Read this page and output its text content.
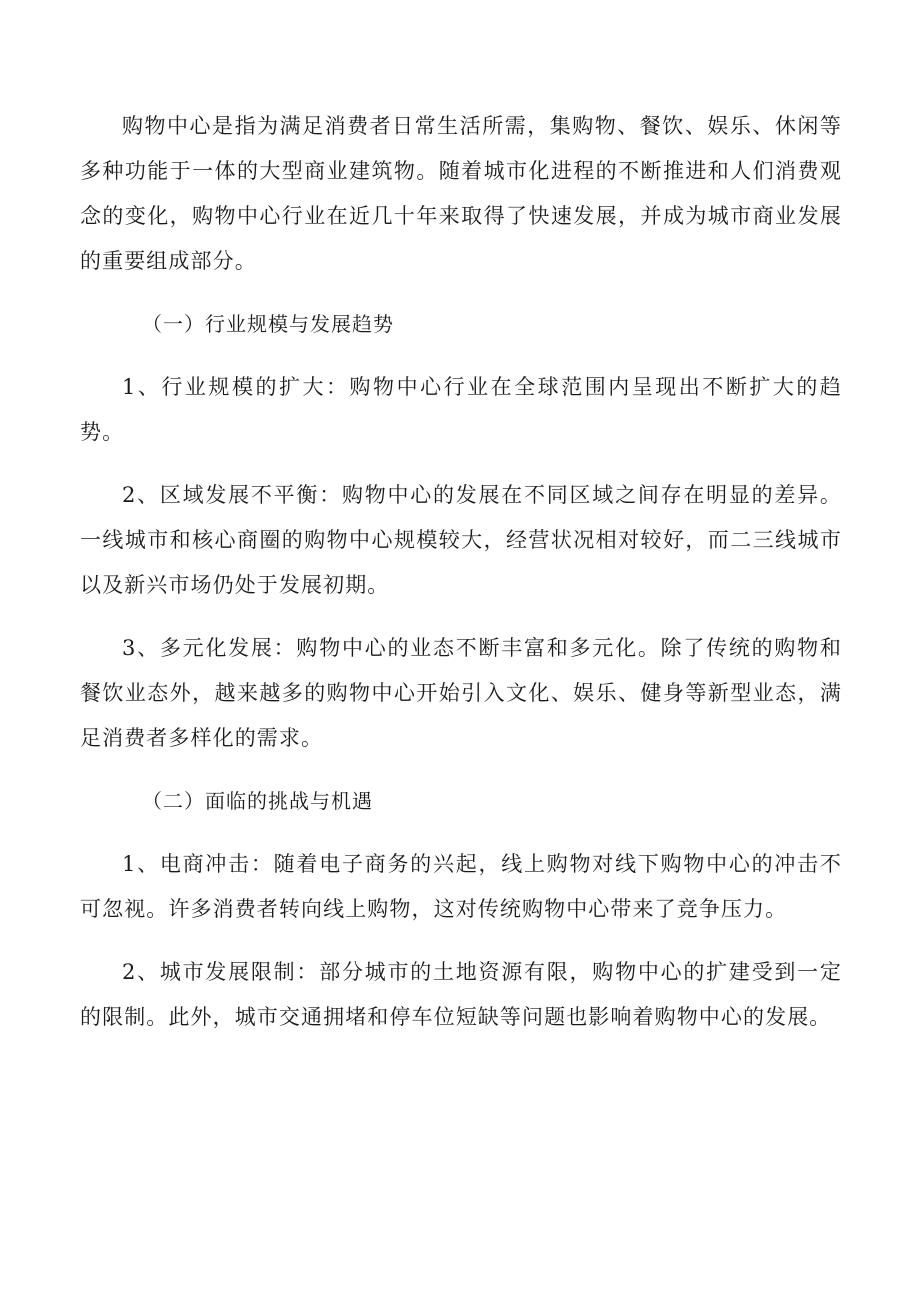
购物中心是指为满足消费者日常生活所需，集购物、餐饮、娱乐、休闲等多种功能于一体的大型商业建筑物。随着城市化进程的不断推进和人们消费观念的变化，购物中心行业在近几十年来取得了快速发展，并成为城市商业发展的重要组成部分。

（一）行业规模与发展趋势

1、行业规模的扩大：购物中心行业在全球范围内呈现出不断扩大的趋势。

2、区域发展不平衡：购物中心的发展在不同区域之间存在明显的差异。一线城市和核心商圈的购物中心规模较大，经营状况相对较好，而二三线城市以及新兴市场仍处于发展初期。

3、多元化发展：购物中心的业态不断丰富和多元化。除了传统的购物和餐饮业态外，越来越多的购物中心开始引入文化、娱乐、健身等新型业态，满足消费者多样化的需求。

（二）面临的挑战与机遇

1、电商冲击：随着电子商务的兴起，线上购物对线下购物中心的冲击不可忽视。许多消费者转向线上购物，这对传统购物中心带来了竞争压力。

2、城市发展限制：部分城市的土地资源有限，购物中心的扩建受到一定的限制。此外，城市交通拥堵和停车位短缺等问题也影响着购物中心的发展。
